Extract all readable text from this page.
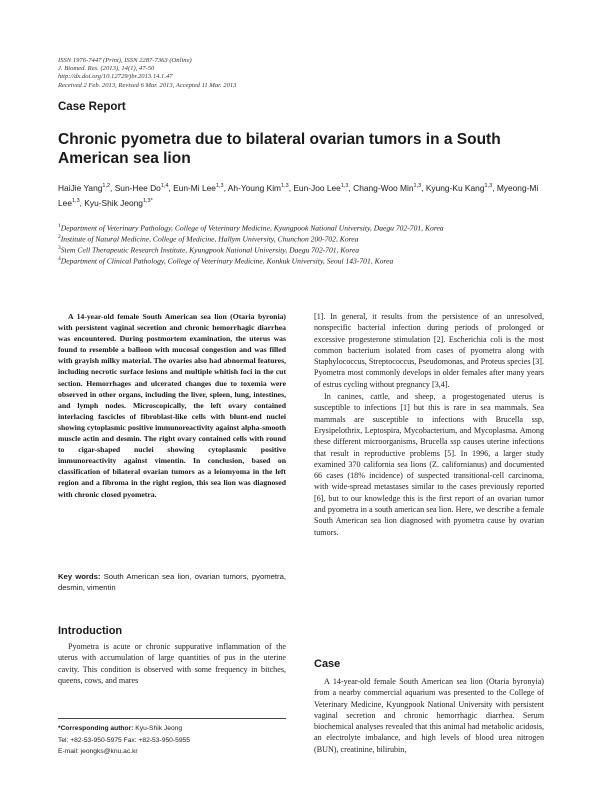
ISSN 1976-7447 (Print), ISSN 2287-7363 (Online)
J. Biomed. Res. (2013), 14(1), 47-50
http://dx.doi.org/10.12729/jbr.2013.14.1.47
Received 2 Feb. 2013, Revised 6 Mar. 2013, Accepted 11 Mar. 2013
Case Report
Chronic pyometra due to bilateral ovarian tumors in a South American sea lion
HaiJie Yang$^{1,2}$, Sun-Hee Do$^{1,4}$, Eun-Mi Lee$^{1,3}$, Ah-Young Kim$^{1,3}$, Eun-Joo Lee$^{1,3}$, Chang-Woo Min$^{1,3}$, Kyung-Ku Kang$^{1,3}$, Myeong-Mi Lee$^{1,3}$, Kyu-Shik Jeong$^{1,3*}$
$^1$Department of Veterinary Pathology, College of Veterinary Medicine, Kyungpook National University, Daegu 702-701, Korea
$^2$Institute of Natural Medicine, College of Medicine, Hallym University, Chunchon 200-702, Korea
$^3$Stem Cell Therapeutic Research Institute, Kyungpook National University, Daegu 702-701, Korea
$^4$Department of Clinical Pathology, College of Veterinary Medicine, Konkuk University, Seoul 143-701, Korea

A 14-year-old female South American sea lion (Otaria byronia) with persistent vaginal secretion and chronic hemorrhagic diarrhea was encountered. During postmortem examination, the uterus was found to resemble a balloon with mucosal congestion and was filled with grayish milky material. The ovaries also had abnormal features, including necrotic surface lesions and multiple whitish foci in the cut section. Hemorrhages and ulcerated changes due to toxemia were observed in other organs, including the liver, spleen, lung, intestines, and lymph nodes. Microscopically, the left ovary contained interlacing fascicles of fibroblast-like cells with blunt-end nuclei showing cytoplasmic positive immunoreactivity against alpha-smooth muscle actin and desmin. The right ovary contained cells with round to cigar-shaped nuclei showing cytoplasmic positive immunoreactivity against vimentin. In conclusion, based on classification of bilateral ovarian tumors as a leiomyoma in the left region and a fibroma in the right region, this sea lion was diagnosed with chronic closed pyometra.

Key words: South American sea lion, ovarian tumors, pyometra, desmin, vimentin
Introduction

Pyometra is acute or chronic suppurative inflammation of the uterus with accumulation of large quantities of pus in the uterine cavity. This condition is observed with some frequency in bitches, queens, cows, and mares

*Corresponding author: Kyu-Shik Jeong
Tel: +82-53-950-5975 Fax: +82-53-950-5955
E-mail: jeongks@knu.ac.kr

[1]. In general, it results from the persistence of an unresolved, nonspecific bacterial infection during periods of prolonged or excessive progesterone stimulation [2]. Escherichia coli is the most common bacterium isolated from cases of pyometra along with Staphylococcus, Streptococcus, Pseudomonas, and Proteus species [3]. Pyometra most commonly develops in older females after many years of estrus cycling without pregnancy [3,4].

In canines, cattle, and sheep, a progestogenated uterus is susceptible to infections [1] but this is rare in sea mammals. Sea mammals are susceptible to infections with Brucella ssp, Erysipelothrix, Leptospira, Mycobacterium, and Mycoplasma. Among these different microorganisms, Brucella ssp causes uterine infections that result in reproductive problems [5]. In 1996, a larger study examined 370 california sea lions (Z. californianus) and documented 66 cases (18% incidence) of suspected transitional-cell carcinoma, with wide-spread metastases similar to the cases previously reported [6], but to our knowledge this is the first report of an ovarian tumor and pyometra in a south american sea lion. Here, we describe a female South American sea lion diagnosed with pyometra cause by ovarian tumors.

Case

A 14-year-old female South American sea lion (Otaria byronyia) from a nearby commercial aquarium was presented to the College of Veterinary Medicine, Kyungpook National University with persistent vaginal secretion and chronic hemorrhagic diarrhea. Serum biochemical analyses revealed that this animal had metabolic acidosis, an electrolyte imbalance, and high levels of blood urea nitrogen (BUN), creatinine, bilirubin,
